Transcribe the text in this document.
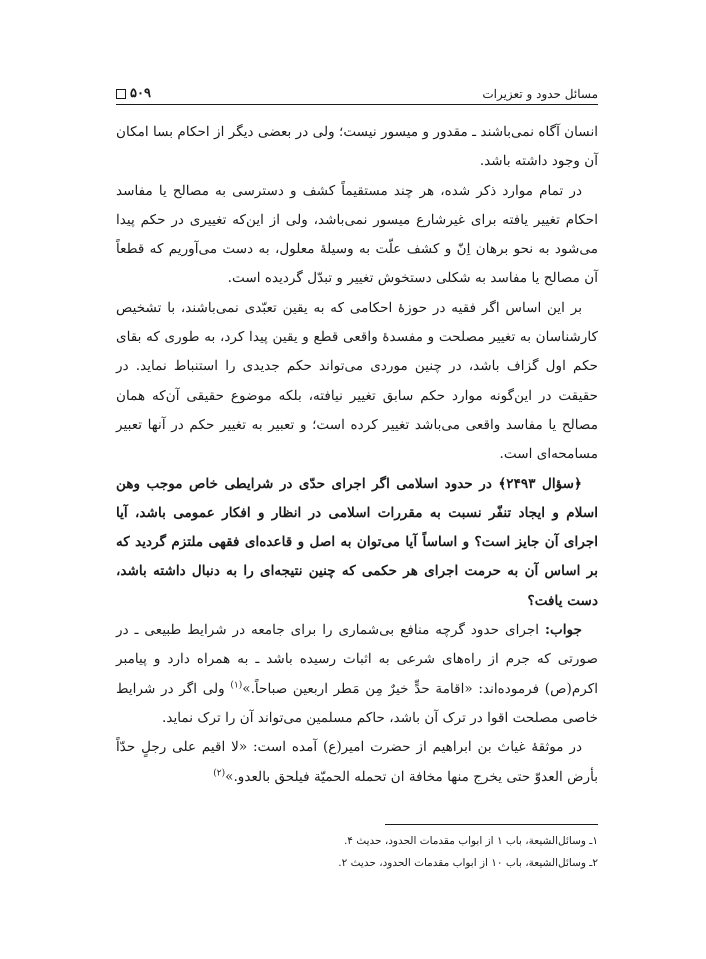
مسائل حدود و تعزیرات
۵۰۹

انسان آگاه نمی‌باشند ـ مقدور و میسور نیست؛ ولی در بعضی دیگر از احکام بسا امکان آن وجود داشته باشد.

در تمام موارد ذکر شده، هر چند مستقیماً کشف و دسترسی به مصالح یا مفاسد احکام تغییر یافته برای غیرشارع میسور نمی‌باشد، ولی از این‌که تغییری در حکم پیدا می‌شود به نحو برهان اِنّ و کشف علّت به وسیلهٔ معلول، به دست می‌آوریم که قطعاً آن مصالح یا مفاسد به شکلی دستخوش تغییر و تبدّل گردیده است.

بر این اساس اگر فقیه در حوزهٔ احکامی که به یقین تعبّدی نمی‌باشند، با تشخیص کارشناسان به تغییر مصلحت و مفسدهٔ واقعی قطع و یقین پیدا کرد، به طوری که بقای حکم اول گزاف باشد، در چنین موردی می‌تواند حکم جدیدی را استنباط نماید. در حقیقت در این‌گونه موارد حکم سابق تغییر نیافته، بلکه موضوع حقیقی آن‌که همان مصالح یا مفاسد واقعی می‌باشد تغییر کرده است؛ و تعبیر به تغییر حکم در آنها تعبیر مسامحه‌ای است.

﴿سؤال ۲۴۹۳﴾ در حدود اسلامی اگر اجرای حدّی در شرایطی خاص موجب وهن اسلام و ایجاد تنفّر نسبت به مقررات اسلامی در انظار و افکار عمومی باشد، آیا اجرای آن جایز است؟ و اساساً آیا می‌توان به اصل و قاعده‌ای فقهی ملتزم گردید که بر اساس آن به حرمت اجرای هر حکمی که چنین نتیجه‌ای را به دنبال داشته باشد، دست یافت؟

جواب: اجرای حدود گرچه منافع بی‌شماری را برای جامعه در شرایط طبیعی ـ در صورتی که جرم از راه‌های شرعی به اثبات رسیده باشد ـ به همراه دارد و پیامبر اکرم(ص) فرموده‌اند: «اقامة حدٍّ خیرٌ مِن مَطر اربعین صباحاً.»$^{(۱)}$ ولی اگر در شرایط خاصی مصلحت اقوا در ترک آن باشد، حاکم مسلمین می‌تواند آن را ترک نماید.

در موثقهٔ غیاث بن ابراهیم از حضرت امیر(ع) آمده است: «لا اقیم علی رجلٍ حدّاً بأرض العدوّ حتی یخرج منها مخافة ان تحمله الحمیّة فیلحق بالعدو.»$^{(۲)}$

۱ـ وسائل‌الشیعة، باب ۱ از ابواب مقدمات الحدود، حدیث ۴.

۲ـ وسائل‌الشیعة، باب ۱۰ از ابواب مقدمات الحدود، حدیث ۲.
